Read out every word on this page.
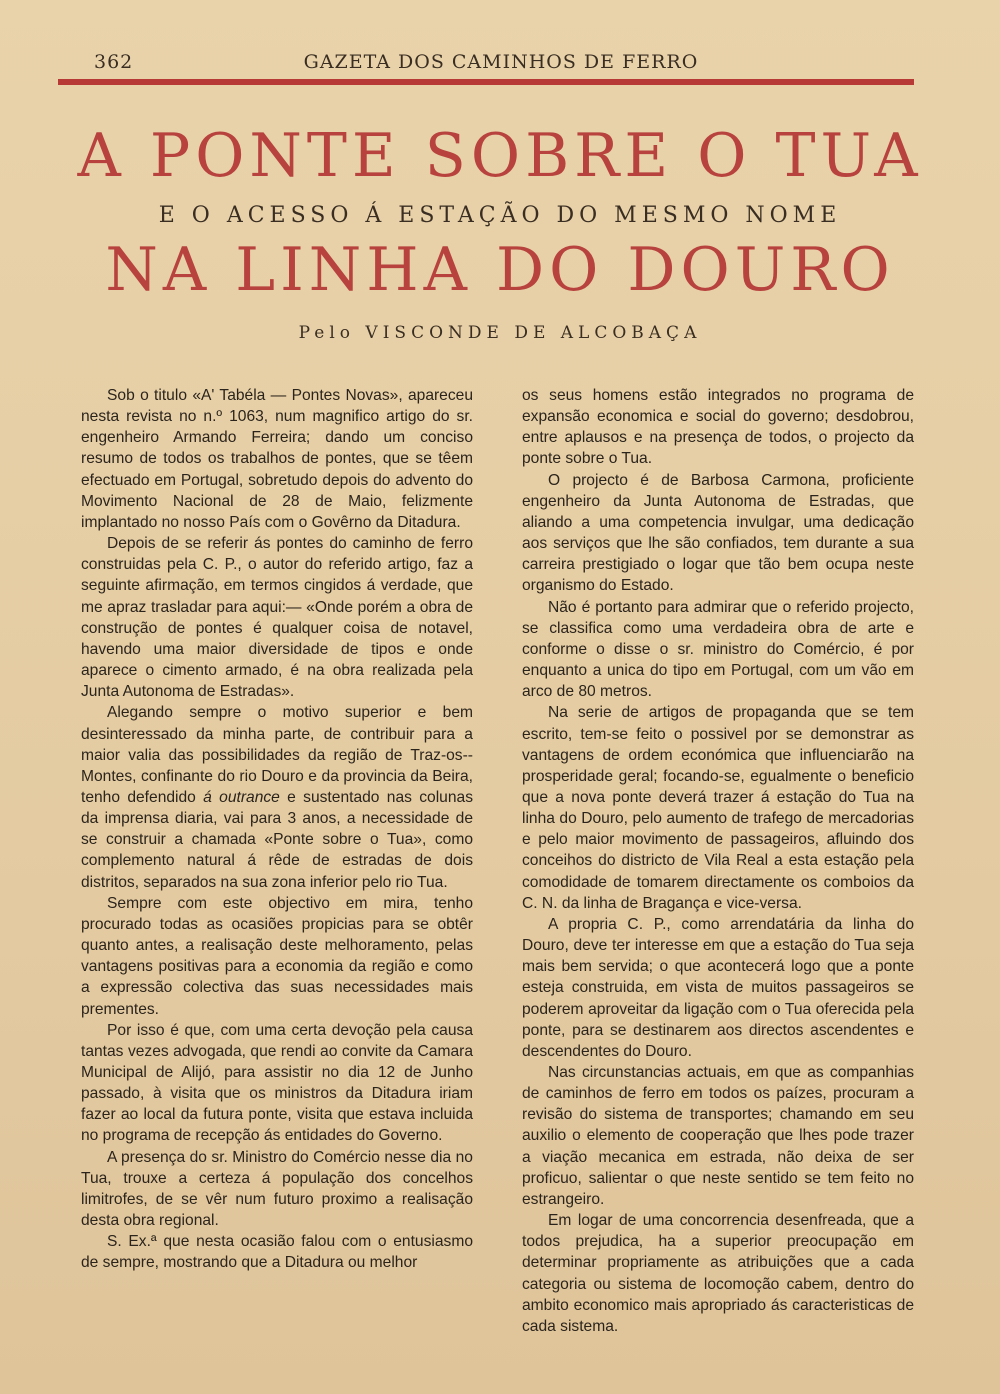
362	GAZETA DOS CAMINHOS DE FERRO
A PONTE SOBRE O TUA
E O ACESSO Á ESTAÇÃO DO MESMO NOME
NA LINHA DO DOURO
Pelo VISCONDE DE ALCOBAÇA

Sob o titulo «A' Tabéla — Pontes Novas», apareceu nesta revista no n.º 1063, num magnifico artigo do sr. engenheiro Armando Ferreira; dando um conciso resumo de todos os trabalhos de pontes, que se têem efectuado em Portugal, sobretudo depois do advento do Movimento Nacional de 28 de Maio, felizmente implantado no nosso País com o Govêrno da Ditadura.

Depois de se referir ás pontes do caminho de ferro construidas pela C. P., o autor do referido artigo, faz a seguinte afirmação, em termos cingidos á verdade, que me apraz trasladar para aqui:— «Onde porém a obra de construção de pontes é qualquer coisa de notavel, havendo uma maior diversidade de tipos e onde aparece o cimento armado, é na obra realizada pela Junta Autonoma de Estradas».

Alegando sempre o motivo superior e bem desinteressado da minha parte, de contribuir para a maior valia das possibilidades da região de Traz-os--Montes, confinante do rio Douro e da provincia da Beira, tenho defendido á outrance e sustentado nas colunas da imprensa diaria, vai para 3 anos, a necessidade de se construir a chamada «Ponte sobre o Tua», como complemento natural á rêde de estradas de dois distritos, separados na sua zona inferior pelo rio Tua.

Sempre com este objectivo em mira, tenho procurado todas as ocasiões propicias para se obtêr quanto antes, a realisação deste melhoramento, pelas vantagens positivas para a economia da região e como a expressão colectiva das suas necessidades mais prementes.

Por isso é que, com uma certa devoção pela causa tantas vezes advogada, que rendi ao convite da Camara Municipal de Alijó, para assistir no dia 12 de Junho passado, à visita que os ministros da Ditadura iriam fazer ao local da futura ponte, visita que estava incluida no programa de recepção ás entidades do Governo.

A presença do sr. Ministro do Comércio nesse dia no Tua, trouxe a certeza á população dos concelhos limitrofes, de se vêr num futuro proximo a realisação desta obra regional.

S. Ex.ª que nesta ocasião falou com o entusiasmo de sempre, mostrando que a Ditadura ou melhor

os seus homens estão integrados no programa de expansão economica e social do governo; desdobrou, entre aplausos e na presença de todos, o projecto da ponte sobre o Tua.

O projecto é de Barbosa Carmona, proficiente engenheiro da Junta Autonoma de Estradas, que aliando a uma competencia invulgar, uma dedicação aos serviços que lhe são confiados, tem durante a sua carreira prestigiado o logar que tão bem ocupa neste organismo do Estado.

Não é portanto para admirar que o referido projecto, se classifica como uma verdadeira obra de arte e conforme o disse o sr. ministro do Comércio, é por enquanto a unica do tipo em Portugal, com um vão em arco de 80 metros.

Na serie de artigos de propaganda que se tem escrito, tem-se feito o possivel por se demonstrar as vantagens de ordem económica que influenciarão na prosperidade geral; focando-se, egualmente o beneficio que a nova ponte deverá trazer á estação do Tua na linha do Douro, pelo aumento de trafego de mercadorias e pelo maior movimento de passageiros, afluindo dos conceihos do districto de Vila Real a esta estação pela comodidade de tomarem directamente os comboios da C. N. da linha de Bragança e vice-versa.

A propria C. P., como arrendatária da linha do Douro, deve ter interesse em que a estação do Tua seja mais bem servida; o que acontecerá logo que a ponte esteja construida, em vista de muitos passageiros se poderem aproveitar da ligação com o Tua oferecida pela ponte, para se destinarem aos directos ascendentes e descendentes do Douro.

Nas circunstancias actuais, em que as companhias de caminhos de ferro em todos os paízes, procuram a revisão do sistema de transportes; chamando em seu auxilio o elemento de cooperação que lhes pode trazer a viação mecanica em estrada, não deixa de ser proficuo, salientar o que neste sentido se tem feito no estrangeiro.

Em logar de uma concorrencia desenfreada, que a todos prejudica, ha a superior preocupação em determinar propriamente as atribuições que a cada categoria ou sistema de locomoção cabem, dentro do ambito economico mais apropriado ás caracteristicas de cada sistema.
